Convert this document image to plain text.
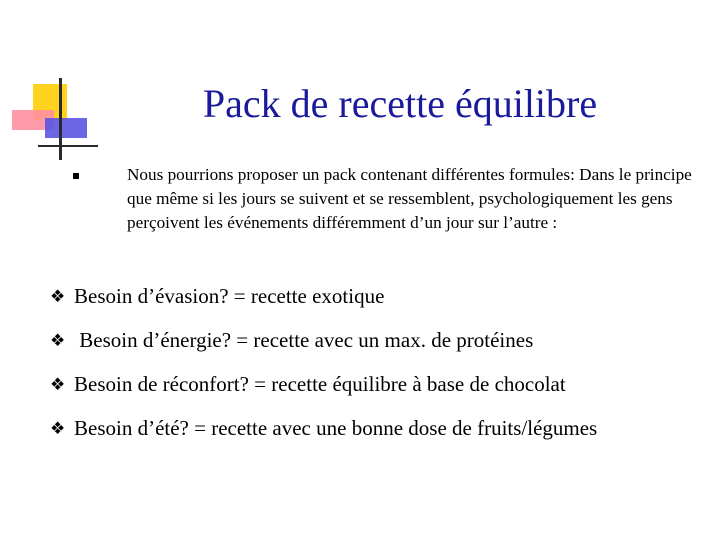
Pack de recette équilibre
Nous pourrions proposer un pack contenant différentes formules: Dans le principe que même si les jours se suivent et se ressemblent, psychologiquement les gens perçoivent les événements différemment d’un jour sur l’autre :
❖ Besoin d’évasion? = recette exotique
❖ Besoin d’énergie? = recette avec un max. de protéines
❖ Besoin de réconfort? = recette équilibre à base de chocolat
❖ Besoin d’été? = recette avec une bonne dose de fruits/légumes
